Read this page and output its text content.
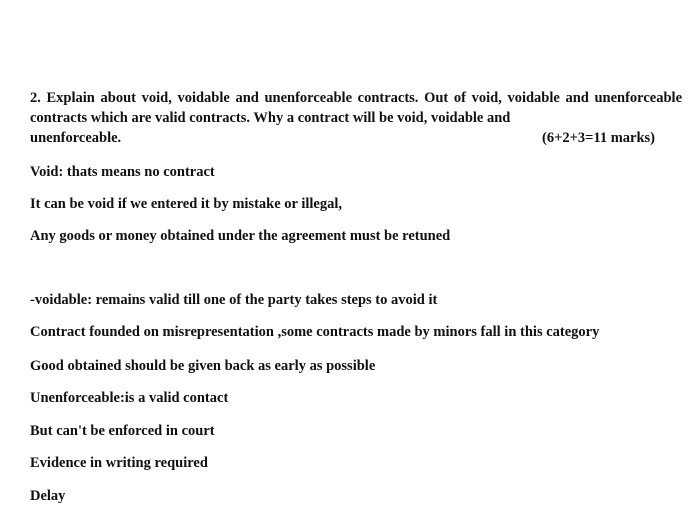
2. Explain about void, voidable and unenforceable contracts. Out of void, voidable and unenforceable contracts which are valid contracts. Why a contract will be void, voidable and
unenforceable.	(6+2+3=11 marks)
Void: thats means no contract
It can be void if we entered it by mistake or illegal,
Any goods or money obtained under the agreement must be retuned
-voidable: remains valid till one of the party takes steps to avoid it
Contract founded on misrepresentation ,some contracts made by minors fall in this category
Good obtained should be given back as early as possible
Unenforceable:is a valid contact
But can't be enforced in court
Evidence in writing required
Delay
